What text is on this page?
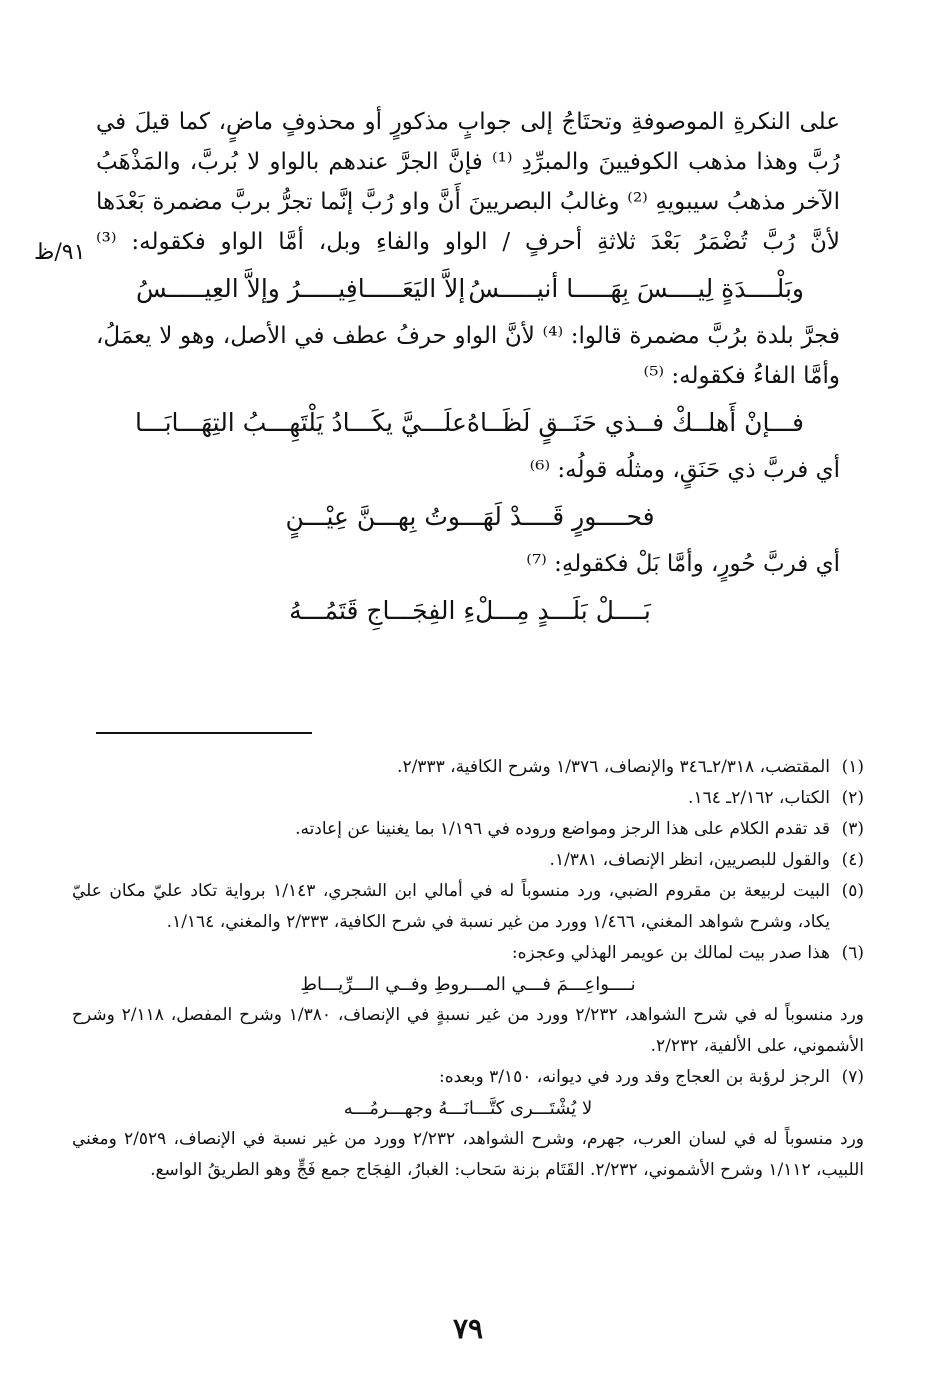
٩١/ظ

على النكرةِ الموصوفةِ وتحتَاجُ إلى جوابٍ مذكورٍ أو محذوفٍ ماضٍ، كما قيلَ في رُبَّ وهذا مذهب الكوفيينَ والمبرِّدِ ⁽¹⁾ فإنَّ الجرَّ عندهم بالواو لا بُربَّ، والمَذْهَبُ الآخر مذهبُ سيبويهِ ⁽²⁾ وغالبُ البصريينَ أَنَّ واو رُبَّ إنَّما تجرُّ بربَّ مضمرة بَعْدَها لأنَّ رُبَّ تُضْمَرُ بَعْدَ ثلاثةِ أحرفٍ / الواو والفاءِ وبل، أمَّا الواو فكقوله: ⁽³⁾

وبَلْــــدَةٍ لِيــــسَ بِهَـــــا أنيـــــسُ
إلاَّ اليَعَـــــافِيـــــرُ وإلاَّ العِيـــــسُ

فجرَّ بلدة برُبَّ مضمرة قالوا: ⁽⁴⁾ لأنَّ الواو حرفُ عطف في الأصل، وهو لا يعمَلُ، وأمَّا الفاءُ فكقوله: ⁽⁵⁾

فـــإنْ أَهلــكْ فــذي حَنَــقٍ لَظَــاهُ
علَـــيَّ يكَـــادُ يَلْتَهِـــبُ التِهَـــابَـــا

أي فربَّ ذي حَنَقٍ، ومثلُه قولُه: ⁽⁶⁾

فحــــورٍ قَــــدْ لَهَـــوتُ بِهـــنَّ عِيْـــنٍ

أي فربَّ حُورٍ، وأمَّا بَلْ فكقولهِ: ⁽⁷⁾

بَــــلْ بَلَـــدٍ مِـــلْءِ الفِجَـــاجِ قَتَمُـــهُ

(١)
المقتضب، ٢/٣١٨ـ٣٤٦ والإنصاف، ١/٣٧٦ وشرح الكافية، ٢/٣٣٣.

(٢)
الكتاب، ٢/١٦٢ـ ١٦٤.

(٣)
قد تقدم الكلام على هذا الرجز ومواضع وروده في ١/١٩٦ بما يغنينا عن إعادته.

(٤)
والقول للبصريين، انظر الإنصاف، ١/٣٨١.

(٥)
البيت لربيعة بن مقروم الضبي، ورد منسوباً له في أمالي ابن الشجري، ١/١٤٣ برواية تكاد عليّ مكان عليّ يكاد، وشرح شواهد المغني، ١/٤٦٦ وورد من غير نسبة في شرح الكافية، ٢/٣٣٣ والمغني، ١/١٦٤.

(٦)
هذا صدر بيت لمالك بن عويمر الهذلي وعجزه:

نــــواعِـــمَ فـــي المـــروطِ وفــي الـــرِّيـــاطِ
ورد منسوباً له في شرح الشواهد، ٢/٢٣٢ وورد من غير نسبةٍ في الإنصاف، ١/٣٨٠ وشرح المفصل، ٢/١١٨ وشرح الأشموني، على الألفية، ٢/٢٣٢.

(٧)
الرجز لرؤبة بن العجاج وقد ورد في ديوانه، ٣/١٥٠ وبعده:

لا يُشْتَـــرى كتَّـــانَـــهُ وجهـــرمُـــه
ورد منسوباً له في لسان العرب، جهرم، وشرح الشواهد، ٢/٢٣٢ وورد من غير نسبة في الإنصاف، ٢/٥٢٩ ومغني اللبيب، ١/١١٢ وشرح الأشموني، ٢/٢٣٢. القَتَام بزنة سَحاب: الغبارُ، الفِجَاج جمع فَجٍّ وهو الطريقُ الواسع.
٧٩
